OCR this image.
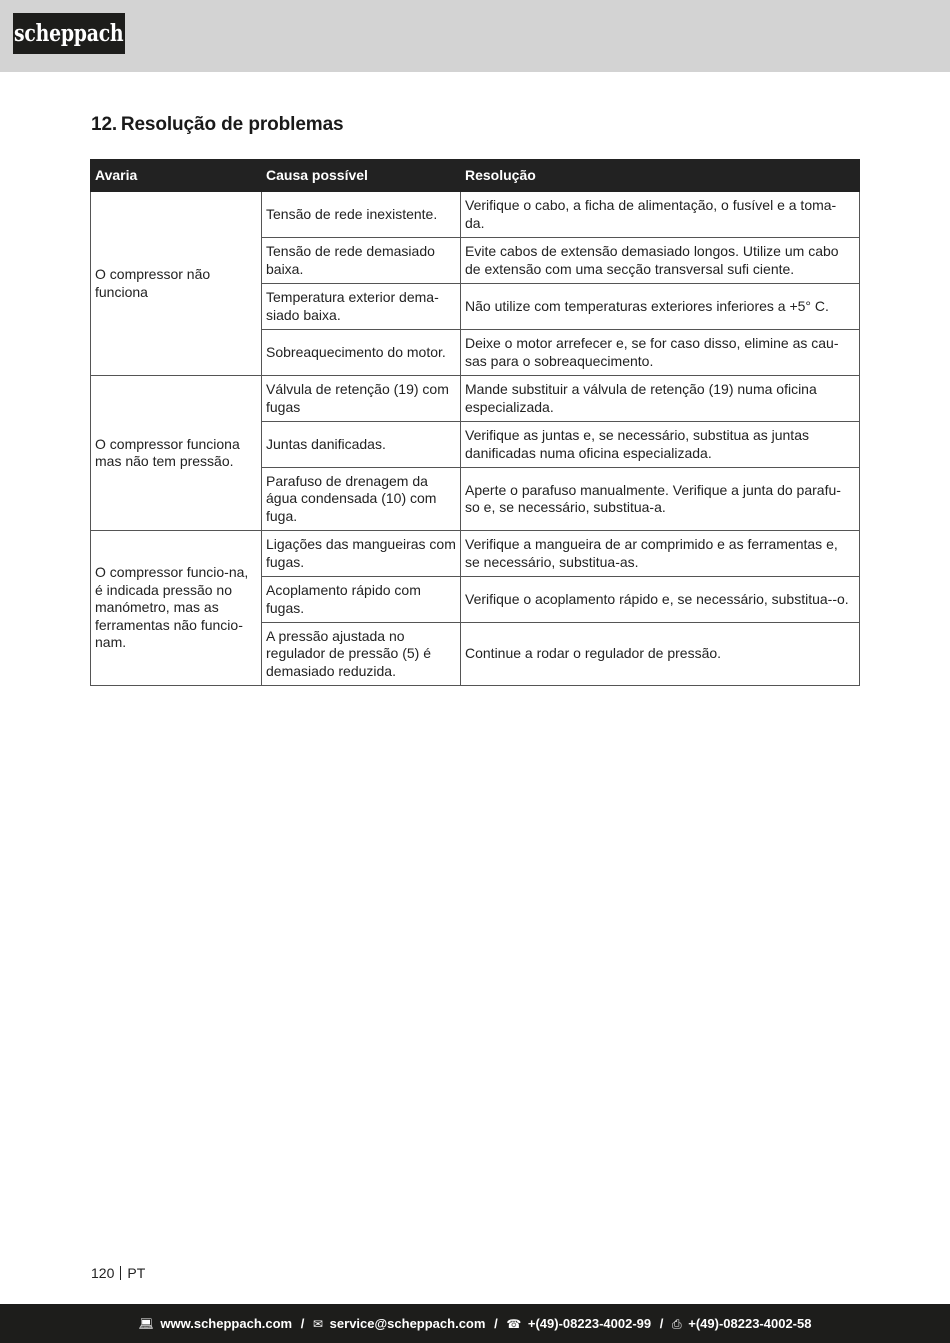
scheppach
12. Resolução de problemas
Avaria	Causa possível	Resolução
O compressor não funciona	Tensão de rede inexistente.	Verifique o cabo, a ficha de alimentação, o fusível e a toma-da.
	Tensão de rede demasiado baixa.	Evite cabos de extensão demasiado longos. Utilize um cabo de extensão com uma secção transversal sufi ciente.
	Temperatura exterior dema-siado baixa.	Não utilize com temperaturas exteriores inferiores a +5° C.
	Sobreaquecimento do motor.	Deixe o motor arrefecer e, se for caso disso, elimine as cau-sas para o sobreaquecimento.
O compressor funciona mas não tem pressão.	Válvula de retenção (19) com fugas	Mande substituir a válvula de retenção (19) numa oficina especializada.
	Juntas danificadas.	Verifique as juntas e, se necessário, substitua as juntas danificadas numa oficina especializada.
	Parafuso de drenagem da água condensada (10) com fuga.	Aperte o parafuso manualmente. Verifique a junta do parafu-so e, se necessário, substitua-a.
O compressor funcio-na, é indicada pressão no manómetro, mas as ferramentas não funcio-nam.	Ligações das mangueiras com fugas.	Verifique a mangueira de ar comprimido e as ferramentas e, se necessário, substitua-as.
	Acoplamento rápido com fugas.	Verifique o acoplamento rápido e, se necessário, substitua--o.
	A pressão ajustada no regulador de pressão (5) é demasiado reduzida.	Continue a rodar o regulador de pressão.
120 PT
💻︎ www.scheppach.com / ✉︎ service@scheppach.com / ☎︎ +(49)-08223-4002-99 / ⎙ +(49)-08223-4002-58
